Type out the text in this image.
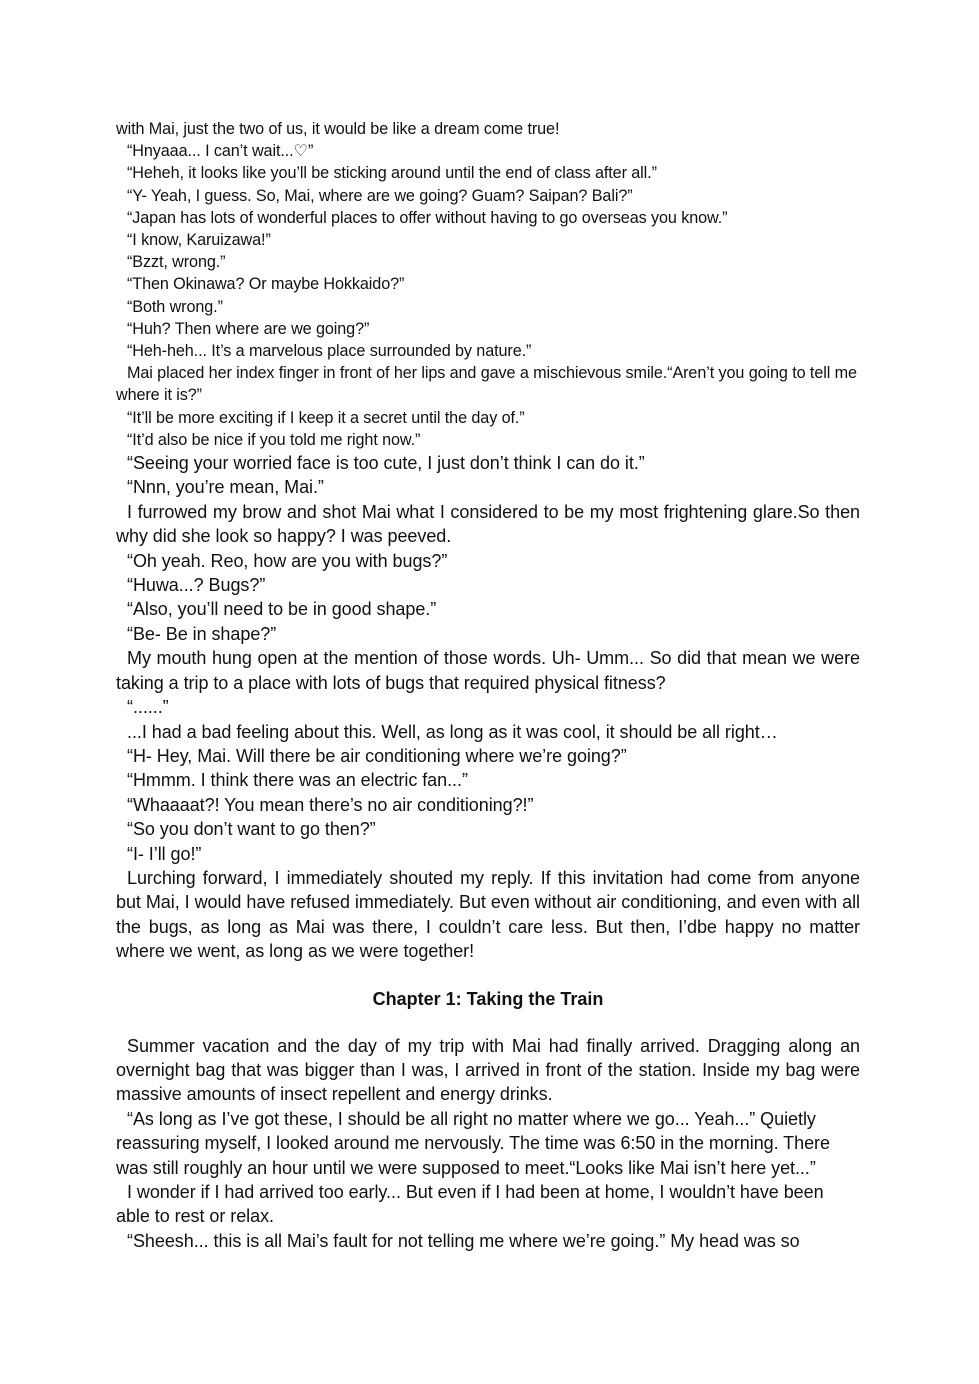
with Mai, just the two of us, it would be like a dream come true!

“Hnyaaa... I can’t wait...♡”

“Heheh, it looks like you’ll be sticking around until the end of class after all.”

“Y- Yeah, I guess. So, Mai, where are we going? Guam? Saipan? Bali?”

“Japan has lots of wonderful places to offer without having to go overseas you know.”

“I know, Karuizawa!”

“Bzzt, wrong.”

“Then Okinawa? Or maybe Hokkaido?”

“Both wrong.”

“Huh? Then where are we going?”

“Heh-heh... It’s a marvelous place surrounded by nature.”

Mai placed her index finger in front of her lips and gave a mischievous smile.“Aren’t you going to tell me where it is?”

“It’ll be more exciting if I keep it a secret until the day of.”

“It’d also be nice if you told me right now.”

“Seeing your worried face is too cute, I just don’t think I can do it.”

“Nnn, you’re mean, Mai.”

I furrowed my brow and shot Mai what I considered to be my most frightening glare.So then why did she look so happy? I was peeved.

“Oh yeah. Reo, how are you with bugs?”

“Huwa...? Bugs?”

“Also, you’ll need to be in good shape.”

“Be- Be in shape?”

My mouth hung open at the mention of those words. Uh- Umm... So did that mean we were taking a trip to a place with lots of bugs that required physical fitness?

“......”

...I had a bad feeling about this. Well, as long as it was cool, it should be all right…

“H- Hey, Mai. Will there be air conditioning where we’re going?”

“Hmmm. I think there was an electric fan...”

“Whaaaat?! You mean there’s no air conditioning?!”

“So you don’t want to go then?”

“I- I’ll go!”

Lurching forward, I immediately shouted my reply. If this invitation had come from anyone but Mai, I would have refused immediately. But even without air conditioning, and even with all the bugs, as long as Mai was there, I couldn’t care less. But then, I’dbe happy no matter where we went, as long as we were together!

Chapter 1: Taking the Train

Summer vacation and the day of my trip with Mai had finally arrived. Dragging along an overnight bag that was bigger than I was, I arrived in front of the station. Inside my bag were massive amounts of insect repellent and energy drinks.

“As long as I’ve got these, I should be all right no matter where we go... Yeah...” Quietly reassuring myself, I looked around me nervously. The time was 6:50 in the morning. There was still roughly an hour until we were supposed to meet.“Looks like Mai isn’t here yet...”

I wonder if I had arrived too early... But even if I had been at home, I wouldn’t have been able to rest or relax.

“Sheesh... this is all Mai’s fault for not telling me where we’re going.” My head was so
